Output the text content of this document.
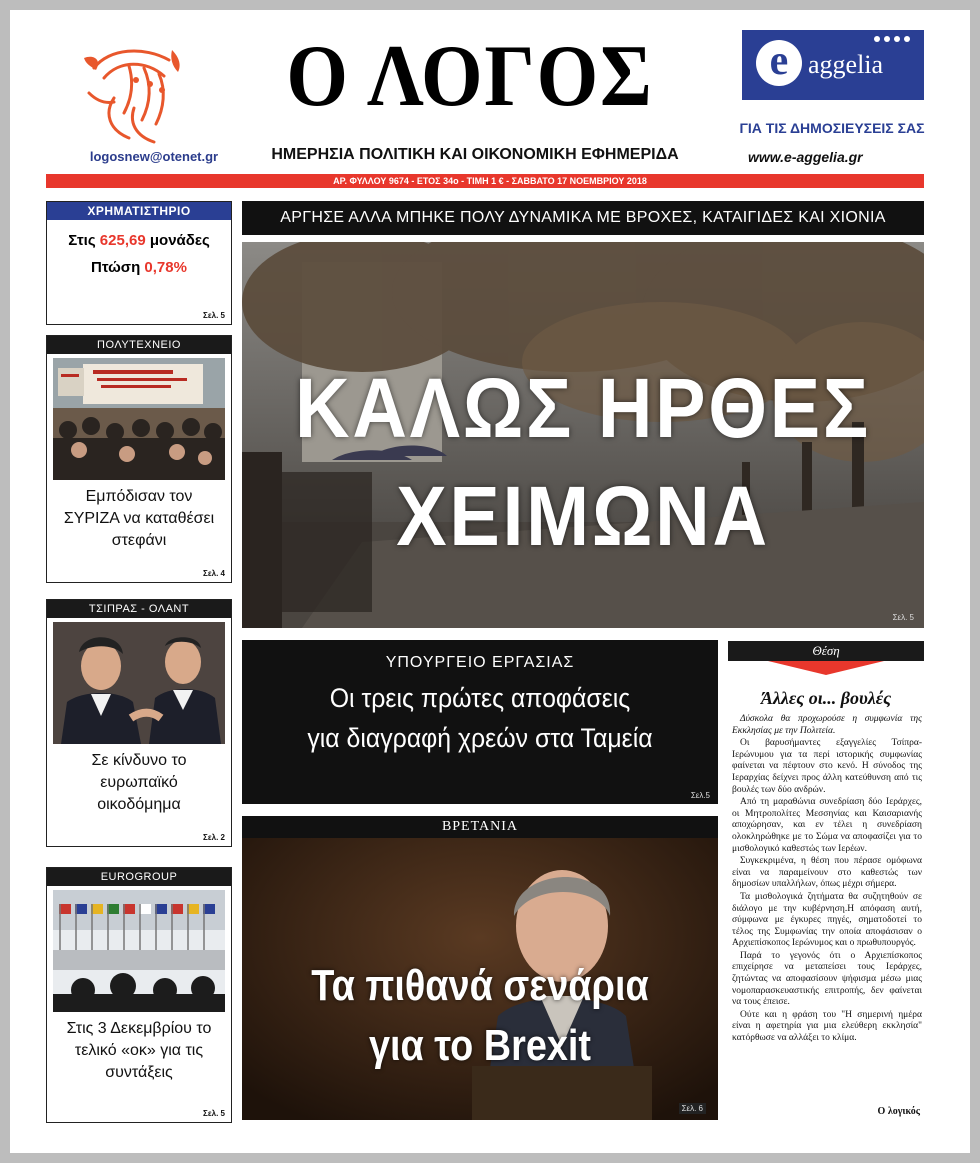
logosnew@otenet.gr
Ο ΛΟΓΟΣ
ΗΜΕΡΗΣΙΑ ΠΟΛΙΤΙΚΗ ΚΑΙ ΟΙΚΟΝΟΜΙΚΗ ΕΦΗΜΕΡΙΔΑ
e aggelia
ΓΙΑ ΤΙΣ ΔΗΜΟΣΙΕΥΣΕΙΣ ΣΑΣ
www.e-aggelia.gr
ΑΡ. ΦΥΛΛΟΥ 9674 - ΕΤΟΣ 34ο - ΤΙΜΗ 1 € - ΣΑΒΒΑΤΟ 17 ΝΟΕΜΒΡΙΟΥ 2018
ΧΡΗΜΑΤΙΣΤΗΡΙΟ
Στις 625,69 μονάδες
Πτώση 0,78%
Σελ. 5
ΠΟΛΥΤΕΧΝΕΙΟ
Εμπόδισαν τον ΣΥΡΙΖΑ να καταθέσει στεφάνι
Σελ. 4
ΤΣΙΠΡΑΣ - ΟΛΑΝΤ
Σε κίνδυνο το ευρωπαϊκό οικοδόμημα
Σελ. 2
EUROGROUP
Στις 3 Δεκεμβρίου το τελικό «οκ» για τις συντάξεις
Σελ. 5
ΑΡΓΗΣΕ ΑΛΛΑ ΜΠΗΚΕ ΠΟΛΥ ΔΥΝΑΜΙΚΑ ΜΕ ΒΡΟΧΕΣ, ΚΑΤΑΙΓΙΔΕΣ ΚΑΙ ΧΙΟΝΙΑ
ΚΑΛΩΣ ΗΡΘΕΣ
ΧΕΙΜΩΝΑ
Σελ. 5
ΥΠΟΥΡΓΕΙΟ ΕΡΓΑΣΙΑΣ
Οι τρεις πρώτες αποφάσεις
για διαγραφή χρεών στα Ταμεία
Σελ.5
ΒΡΕΤΑΝΙΑ
Τα πιθανά σενάρια
για το Brexit
Σελ. 6
Θέση
Άλλες οι... βουλές

Δύσκολα θα προχωρούσε η συμφωνία της Εκκλησίας με την Πολιτεία.

Οι βαρυσήμαντες εξαγγελίες Τσίπρα-Ιερώνυμου για τα περί ιστορικής συμφωνίας φαίνεται να πέφτουν στο κενό. Η σύνοδος της Ιεραρχίας δείχνει προς άλλη κατεύθυνση από τις βουλές των δύο ανδρών.

Από τη μαραθώνια συνεδρίαση δύο Ιεράρχες, οι Μητροπολίτες Μεσσηνίας και Καισαριανής αποχώρησαν, και εν τέλει η συνεδρίαση ολοκληρώθηκε με το Σώμα να αποφασίζει για το μισθολογικό καθεστώς των Ιερέων.

Συγκεκριμένα, η θέση που πέρασε ομόφωνα είναι να παραμείνουν στο καθεστώς των δημοσίων υπαλλήλων, όπως μέχρι σήμερα.

Τα μισθολογικά ζητήματα θα συζητηθούν σε διάλογο με την κυβέρνηση.Η απόφαση αυτή, σύμφωνα με έγκυρες πηγές, σηματοδοτεί το τέλος της Συμφωνίας την οποία αποφάσισαν ο Αρχιεπίσκοπος Ιερώνυμος και ο πρωθυπουργός.

Παρά το γεγονός ότι ο Αρχιεπίσκοπος επιχείρησε να μεταπείσει τους Ιεράρχες, ζητώντας να αποφασίσουν ψήφισμα μέσω μιας νομοπαρασκευαστικής επιτροπής, δεν φαίνεται να τους έπεισε.

Ούτε και η φράση του "Η σημερινή ημέρα είναι η αφετηρία για μια ελεύθερη εκκλησία" κατόρθωσε να αλλάξει το κλίμα.

Ο λογικός
